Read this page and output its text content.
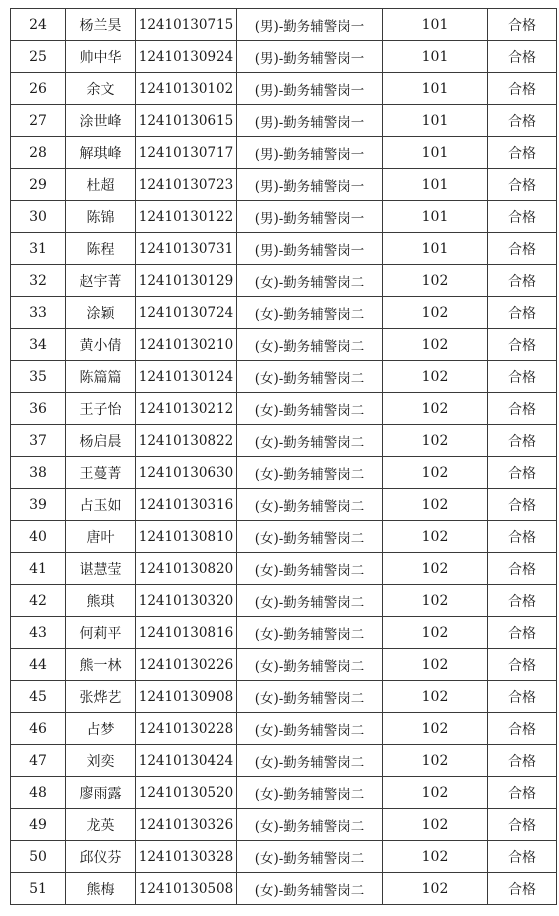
24	杨兰昊	12410130715	(男)-勤务辅警岗一	101	合格
25	帅中华	12410130924	(男)-勤务辅警岗一	101	合格
26	余文	12410130102	(男)-勤务辅警岗一	101	合格
27	涂世峰	12410130615	(男)-勤务辅警岗一	101	合格
28	解琪峰	12410130717	(男)-勤务辅警岗一	101	合格
29	杜超	12410130723	(男)-勤务辅警岗一	101	合格
30	陈锦	12410130122	(男)-勤务辅警岗一	101	合格
31	陈程	12410130731	(男)-勤务辅警岗一	101	合格
32	赵宇菁	12410130129	(女)-勤务辅警岗二	102	合格
33	涂颖	12410130724	(女)-勤务辅警岗二	102	合格
34	黄小倩	12410130210	(女)-勤务辅警岗二	102	合格
35	陈篇篇	12410130124	(女)-勤务辅警岗二	102	合格
36	王子怡	12410130212	(女)-勤务辅警岗二	102	合格
37	杨启晨	12410130822	(女)-勤务辅警岗二	102	合格
38	王蔓菁	12410130630	(女)-勤务辅警岗二	102	合格
39	占玉如	12410130316	(女)-勤务辅警岗二	102	合格
40	唐叶	12410130810	(女)-勤务辅警岗二	102	合格
41	谌慧莹	12410130820	(女)-勤务辅警岗二	102	合格
42	熊琪	12410130320	(女)-勤务辅警岗二	102	合格
43	何莉平	12410130816	(女)-勤务辅警岗二	102	合格
44	熊一林	12410130226	(女)-勤务辅警岗二	102	合格
45	张烨艺	12410130908	(女)-勤务辅警岗二	102	合格
46	占梦	12410130228	(女)-勤务辅警岗二	102	合格
47	刘奕	12410130424	(女)-勤务辅警岗二	102	合格
48	廖雨露	12410130520	(女)-勤务辅警岗二	102	合格
49	龙英	12410130326	(女)-勤务辅警岗二	102	合格
50	邱仪芬	12410130328	(女)-勤务辅警岗二	102	合格
51	熊梅	12410130508	(女)-勤务辅警岗二	102	合格
